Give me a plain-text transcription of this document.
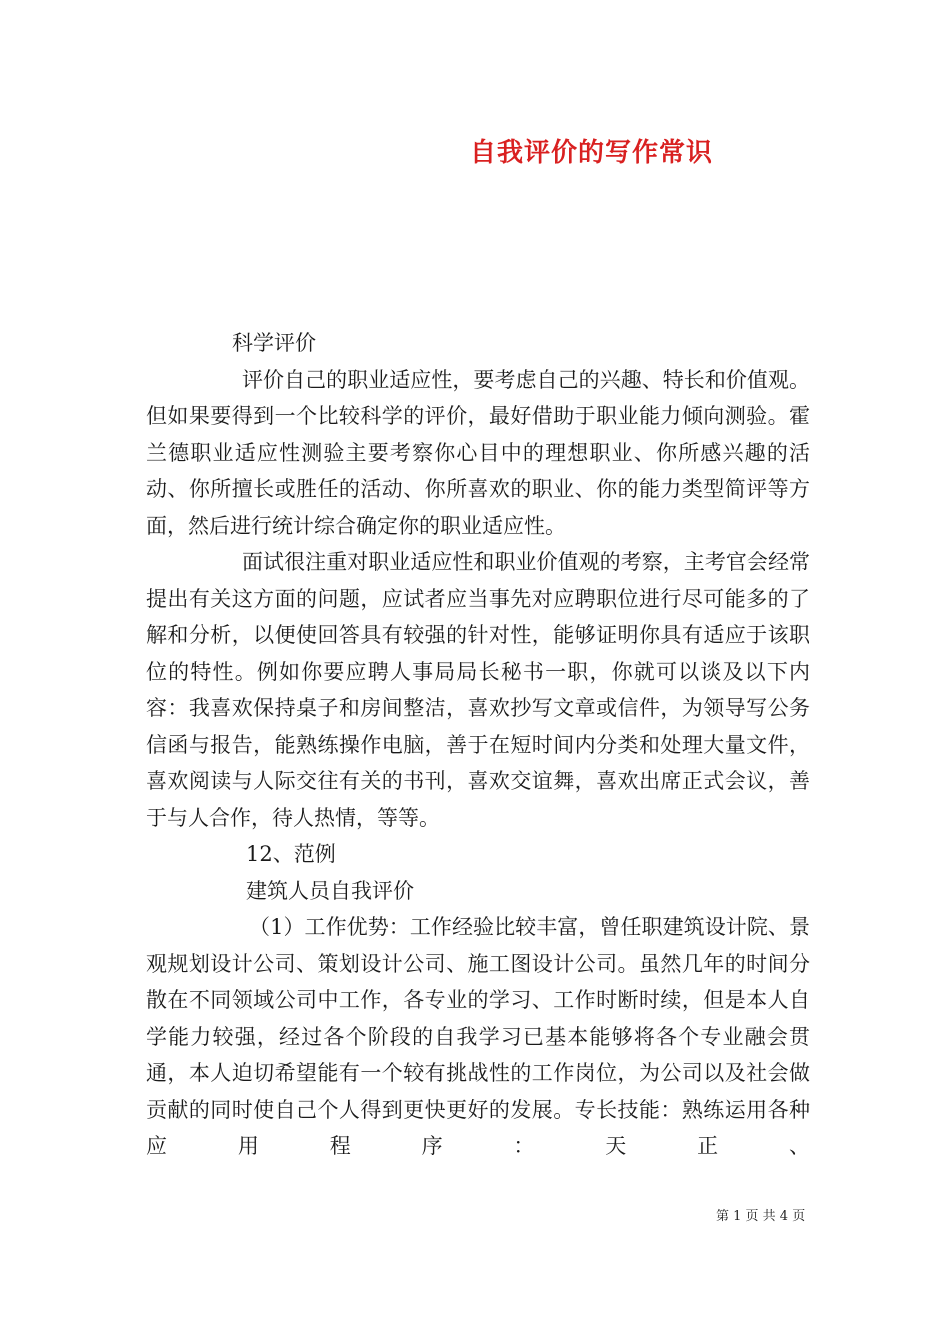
自我评价的写作常识

科学评价

评价自己的职业适应性，要考虑自己的兴趣、特长和价值观。但如果要得到一个比较科学的评价，最好借助于职业能力倾向测验。霍兰德职业适应性测验主要考察你心目中的理想职业、你所感兴趣的活动、你所擅长或胜任的活动、你所喜欢的职业、你的能力类型简评等方面，然后进行统计综合确定你的职业适应性。

面试很注重对职业适应性和职业价值观的考察，主考官会经常提出有关这方面的问题，应试者应当事先对应聘职位进行尽可能多的了解和分析，以便使回答具有较强的针对性，能够证明你具有适应于该职位的特性。例如你要应聘人事局局长秘书一职，你就可以谈及以下内容：我喜欢保持桌子和房间整洁，喜欢抄写文章或信件，为领导写公务信函与报告，能熟练操作电脑，善于在短时间内分类和处理大量文件，喜欢阅读与人际交往有关的书刊，喜欢交谊舞，喜欢出席正式会议，善于与人合作，待人热情，等等。

12、范例

建筑人员自我评价

（1）工作优势：工作经验比较丰富，曾任职建筑设计院、景观规划设计公司、策划设计公司、施工图设计公司。虽然几年的时间分散在不同领域公司中工作，各专业的学习、工作时断时续，但是本人自学能力较强，经过各个阶段的自我学习已基本能够将各个专业融会贯通，本人迫切希望能有一个较有挑战性的工作岗位，为公司以及社会做贡献的同时使自己个人得到更快更好的发展。专长技能：熟练运用各种应用程序：天正、

第 1 页 共 4 页
